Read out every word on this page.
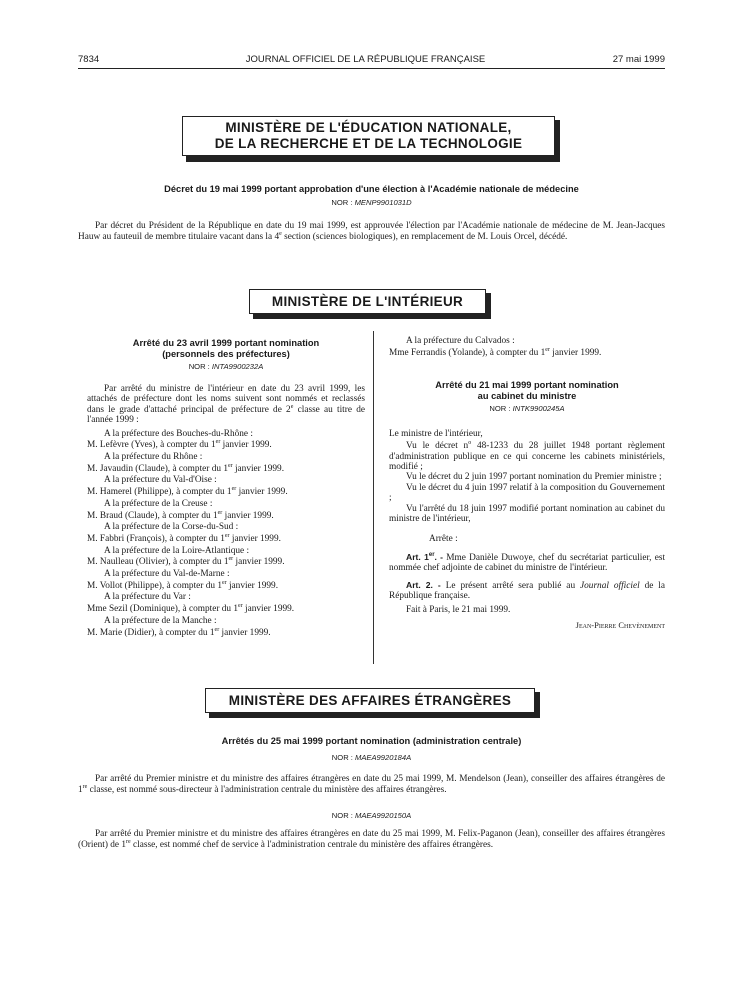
7834	JOURNAL OFFICIEL DE LA RÉPUBLIQUE FRANÇAISE	27 mai 1999
MINISTÈRE DE L'ÉDUCATION NATIONALE,
DE LA RECHERCHE ET DE LA TECHNOLOGIE
Décret du 19 mai 1999 portant approbation d'une élection à l'Académie nationale de médecine
NOR : MENP9901031D
Par décret du Président de la République en date du 19 mai 1999, est approuvée l'élection par l'Académie nationale de médecine de M. Jean-Jacques Hauw au fauteuil de membre titulaire vacant dans la 4e section (sciences biologiques), en remplacement de M. Louis Orcel, décédé.
MINISTÈRE DE L'INTÉRIEUR
Arrêté du 23 avril 1999 portant nomination
(personnels des préfectures)
NOR : INTA9900232A

Par arrêté du ministre de l'intérieur en date du 23 avril 1999, les attachés de préfecture dont les noms suivent sont nommés et reclassés dans le grade d'attaché principal de préfecture de 2e classe au titre de l'année 1999 :

A la préfecture des Bouches-du-Rhône :

M. Lefèvre (Yves), à compter du 1er janvier 1999.

A la préfecture du Rhône :

M. Javaudin (Claude), à compter du 1er janvier 1999.

A la préfecture du Val-d'Oise :

M. Hamerel (Philippe), à compter du 1er janvier 1999.

A la préfecture de la Creuse :

M. Braud (Claude), à compter du 1er janvier 1999.

A la préfecture de la Corse-du-Sud :

M. Fabbri (François), à compter du 1er janvier 1999.

A la préfecture de la Loire-Atlantique :

M. Naulleau (Olivier), à compter du 1er janvier 1999.

A la préfecture du Val-de-Marne :

M. Vollot (Philippe), à compter du 1er janvier 1999.

A la préfecture du Var :

Mme Sezil (Dominique), à compter du 1er janvier 1999.

A la préfecture de la Manche :

M. Marie (Didier), à compter du 1er janvier 1999.

A la préfecture du Calvados :

Mme Ferrandis (Yolande), à compter du 1er janvier 1999.

Arrêté du 21 mai 1999 portant nomination
au cabinet du ministre
NOR : INTK9900245A

Le ministre de l'intérieur,

Vu le décret $n^o$ 48-1233 du 28 juillet 1948 portant règlement d'administration publique en ce qui concerne les cabinets ministériels, modifié ;

Vu le décret du 2 juin 1997 portant nomination du Premier ministre ;

Vu le décret du 4 juin 1997 relatif à la composition du Gouvernement ;

Vu l'arrêté du 18 juin 1997 modifié portant nomination au cabinet du ministre de l'intérieur,

Arrête :

Art. 1er. - Mme Danièle Duwoye, chef du secrétariat particulier, est nommée chef adjointe de cabinet du ministre de l'intérieur.

Art. 2. - Le présent arrêté sera publié au Journal officiel de la République française.

Fait à Paris, le 21 mai 1999.

Jean-Pierre Chevènement

MINISTÈRE DES AFFAIRES ÉTRANGÈRES
Arrêtés du 25 mai 1999 portant nomination (administration centrale)
NOR : MAEA9920184A
Par arrêté du Premier ministre et du ministre des affaires étrangères en date du 25 mai 1999, M. Mendelson (Jean), conseiller des affaires étrangères de 1re classe, est nommé sous-directeur à l'administration centrale du ministère des affaires étrangères.
NOR : MAEA9920150A
Par arrêté du Premier ministre et du ministre des affaires étrangères en date du 25 mai 1999, M. Felix-Paganon (Jean), conseiller des affaires étrangères (Orient) de 1re classe, est nommé chef de service à l'administration centrale du ministère des affaires étrangères.
